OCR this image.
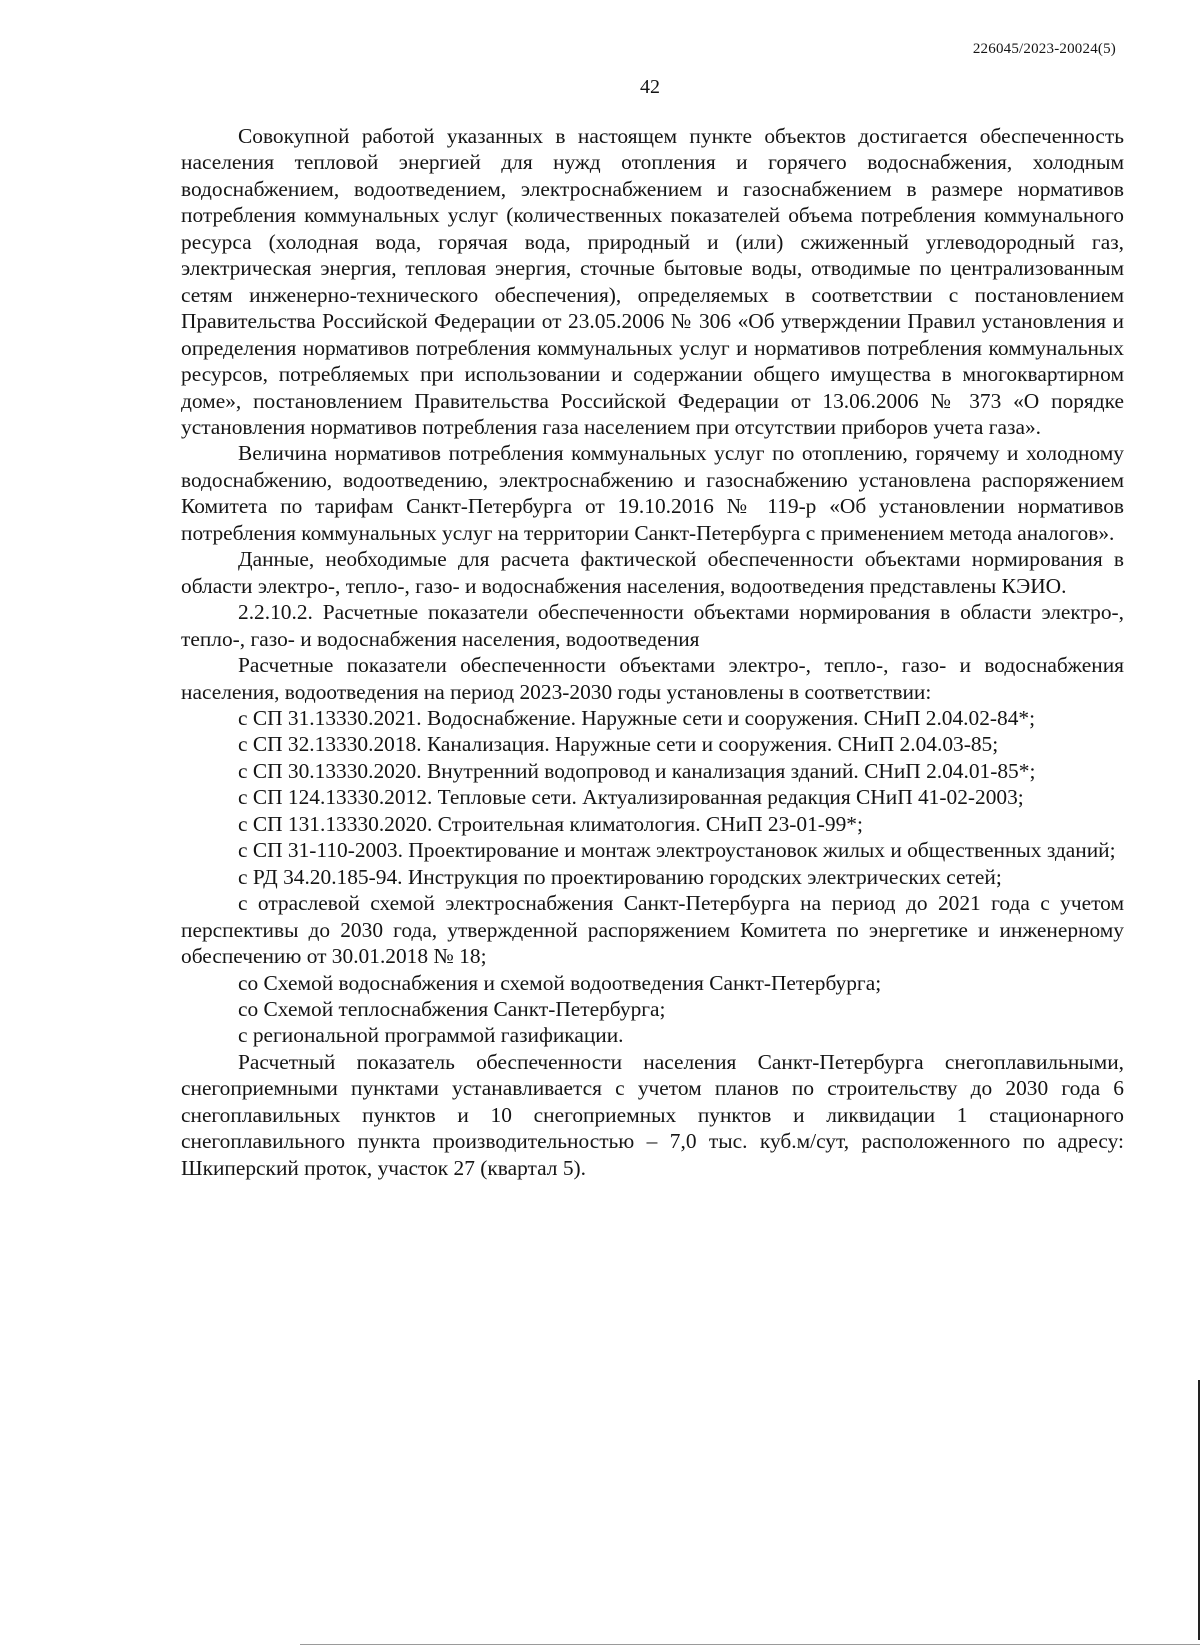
226045/2023-20024(5)
42

Совокупной работой указанных в настоящем пункте объектов достигается обеспеченность населения тепловой энергией для нужд отопления и горячего водоснабжения, холодным водоснабжением, водоотведением, электроснабжением и газоснабжением в размере нормативов потребления коммунальных услуг (количественных показателей объема потребления коммунального ресурса (холодная вода, горячая вода, природный и (или) сжиженный углеводородный газ, электрическая энергия, тепловая энергия, сточные бытовые воды, отводимые по централизованным сетям инженерно-технического обеспечения), определяемых в соответствии с постановлением Правительства Российской Федерации от 23.05.2006 № 306 «Об утверждении Правил установления и определения нормативов потребления коммунальных услуг и нормативов потребления коммунальных ресурсов, потребляемых при использовании и содержании общего имущества в многоквартирном доме», постановлением Правительства Российской Федерации от 13.06.2006 № 373 «О порядке установления нормативов потребления газа населением при отсутствии приборов учета газа».

Величина нормативов потребления коммунальных услуг по отоплению, горячему и холодному водоснабжению, водоотведению, электроснабжению и газоснабжению установлена распоряжением Комитета по тарифам Санкт-Петербурга от 19.10.2016 № 119-р «Об установлении нормативов потребления коммунальных услуг на территории Санкт-Петербурга с применением метода аналогов».

Данные, необходимые для расчета фактической обеспеченности объектами нормирования в области электро-, тепло-, газо- и водоснабжения населения, водоотведения представлены КЭИО.

2.2.10.2. Расчетные показатели обеспеченности объектами нормирования в области электро-, тепло-, газо- и водоснабжения населения, водоотведения

Расчетные показатели обеспеченности объектами электро-, тепло-, газо- и водоснабжения населения, водоотведения на период 2023-2030 годы установлены в соответствии:

с СП 31.13330.2021. Водоснабжение. Наружные сети и сооружения. СНиП 2.04.02-84*;

с СП 32.13330.2018. Канализация. Наружные сети и сооружения. СНиП 2.04.03-85;

с СП 30.13330.2020. Внутренний водопровод и канализация зданий. СНиП 2.04.01-85*;

с СП 124.13330.2012. Тепловые сети. Актуализированная редакция СНиП 41-02-2003;

с СП 131.13330.2020. Строительная климатология. СНиП 23-01-99*;

с СП 31-110-2003. Проектирование и монтаж электроустановок жилых и общественных зданий;

с РД 34.20.185-94. Инструкция по проектированию городских электрических сетей;

с отраслевой схемой электроснабжения Санкт-Петербурга на период до 2021 года с учетом перспективы до 2030 года, утвержденной распоряжением Комитета по энергетике и инженерному обеспечению от 30.01.2018 № 18;

со Схемой водоснабжения и схемой водоотведения Санкт-Петербурга;

со Схемой теплоснабжения Санкт-Петербурга;

с региональной программой газификации.

Расчетный показатель обеспеченности населения Санкт-Петербурга снегоплавильными, снегоприемными пунктами устанавливается с учетом планов по строительству до 2030 года 6 снегоплавильных пунктов и 10 снегоприемных пунктов и ликвидации 1 стационарного снегоплавильного пункта производительностью – 7,0 тыс. куб.м/сут, расположенного по адресу: Шкиперский проток, участок 27 (квартал 5).
